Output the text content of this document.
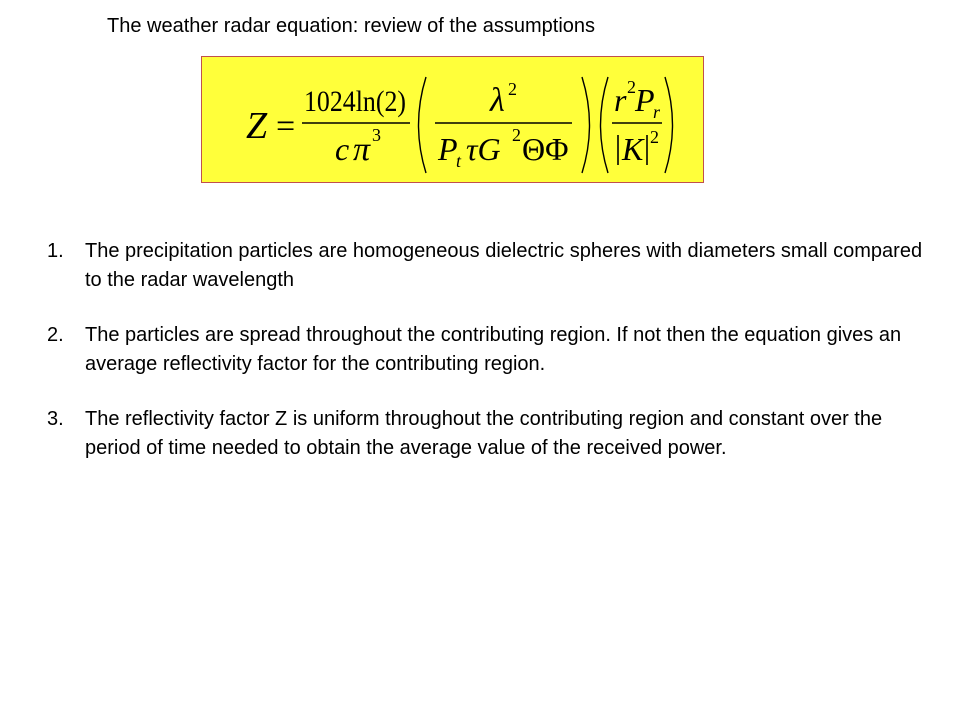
The weather radar equation: review of the assumptions
Z =
1024ln(2)
c π 3
λ 2
P
t τG 2 ΘΦ
r 2 P
r
K 2

1. The precipitation particles are homogeneous dielectric spheres with diameters small compared to the radar wavelength

2. The particles are spread throughout the contributing region. If not then the equation gives an average reflectivity factor for the contributing region.

3. The reflectivity factor Z is uniform throughout the contributing region and constant over the period of time needed to obtain the average value of the received power.
